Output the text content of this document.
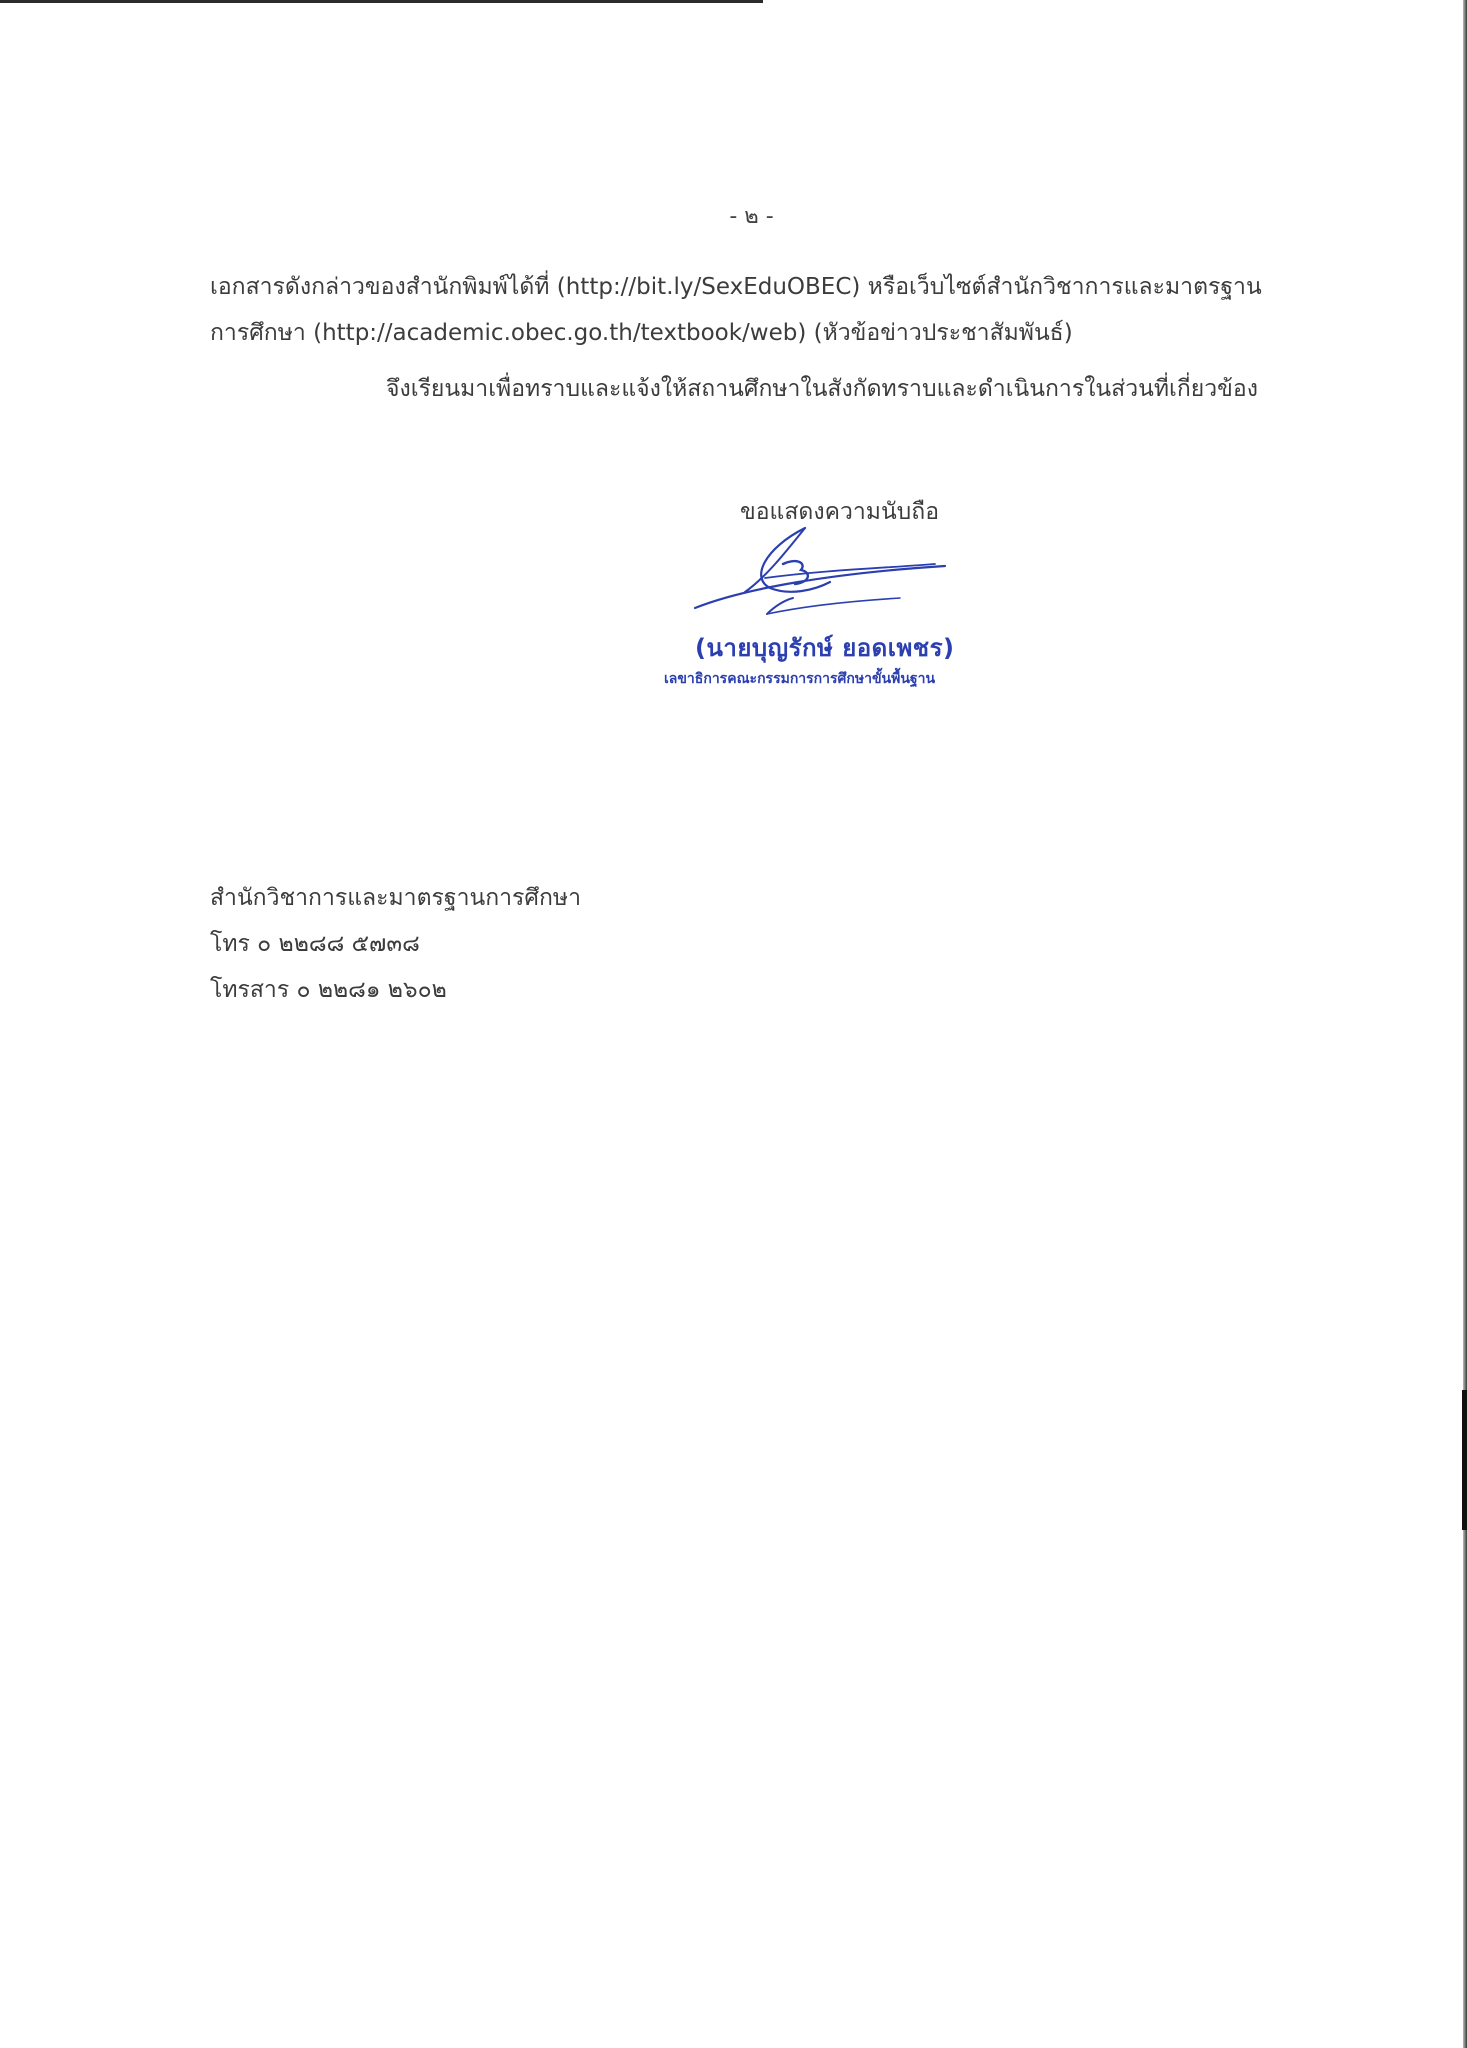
- ๒ -
เอกสารดังกล่าวของสำนักพิมพ์ได้ที่ (http://bit.ly/SexEduOBEC) หรือเว็บไซต์สำนักวิชาการและมาตรฐาน
การศึกษา (http://academic.obec.go.th/textbook/web) (หัวข้อข่าวประชาสัมพันธ์)
จึงเรียนมาเพื่อทราบและแจ้งให้สถานศึกษาในสังกัดทราบและดำเนินการในส่วนที่เกี่ยวข้อง
ขอแสดงความนับถือ
(นายบุญรักษ์ ยอดเพชร)
เลขาธิการคณะกรรมการการศึกษาขั้นพื้นฐาน
สำนักวิชาการและมาตรฐานการศึกษา
โทร ๐ ๒๒๘๘ ๕๗๓๘
โทรสาร ๐ ๒๒๘๑ ๒๖๐๒
